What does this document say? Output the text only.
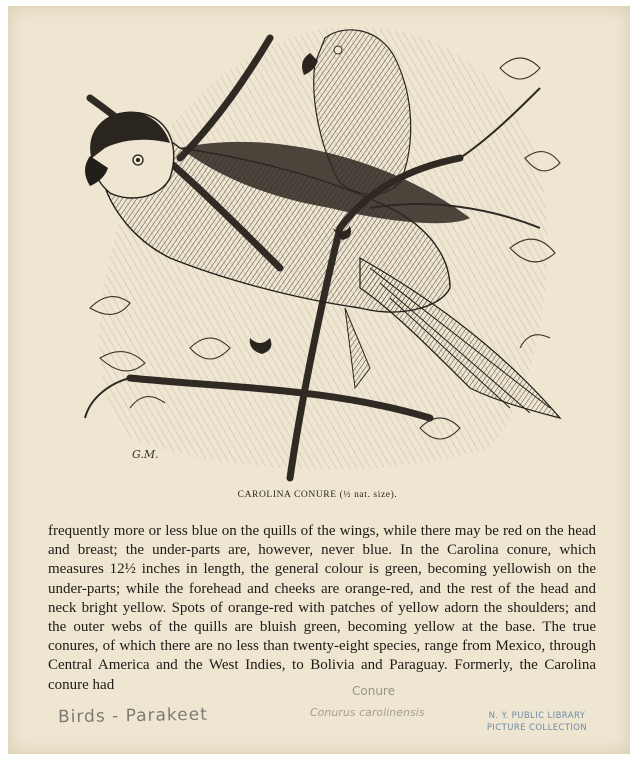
G.M.
CAROLINA CONURE (½ nat. size).

frequently more or less blue on the quills of the wings, while there may be red on the head and breast; the under-parts are, however, never blue. In the Carolina conure, which measures 12½ inches in length, the general colour is green, becoming yellowish on the under-parts; while the forehead and cheeks are orange-red, and the rest of the head and neck bright yellow. Spots of orange-red with patches of yellow adorn the shoulders; and the outer webs of the quills are bluish green, becoming yellow at the base. The true conures, of which there are no less than twenty-eight species, range from Mexico, through Central America and the West Indies, to Bolivia and Paraguay. Formerly, the Carolina conure had	Conure
Birds - Parakeet	Conurus carolinensis	N. Y. PUBLIC LIBRARY
PICTURE COLLECTION
